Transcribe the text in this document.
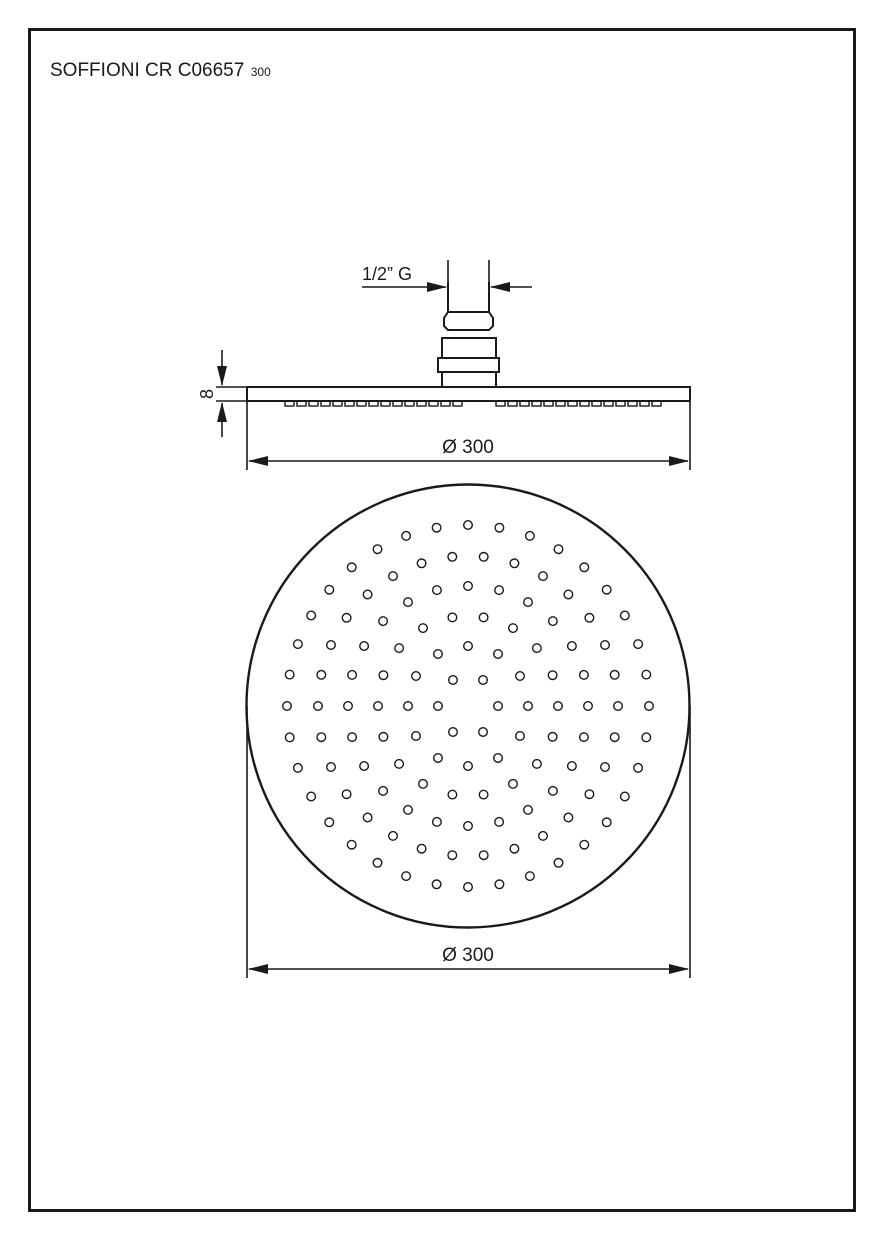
SOFFIONI CR C06657 300
1/2” G
8
Ø 300
Ø 300
